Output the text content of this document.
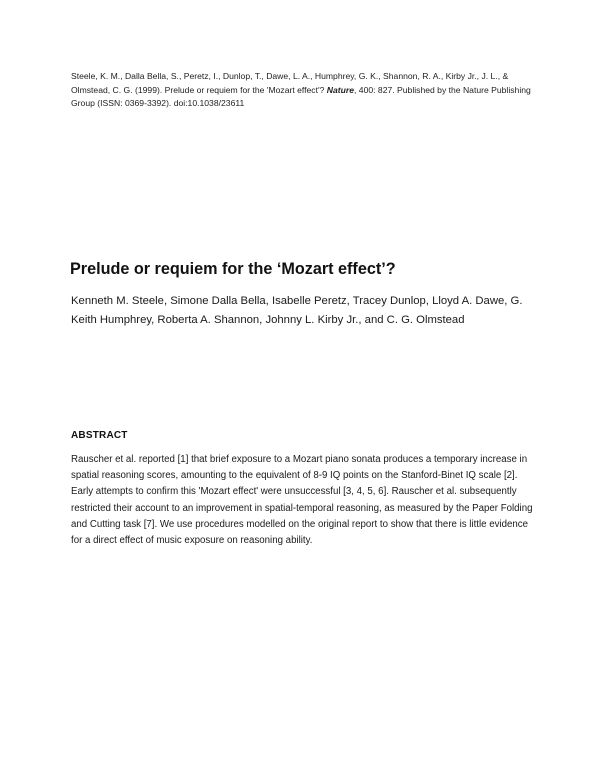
Steele, K. M., Dalla Bella, S., Peretz, I., Dunlop, T., Dawe, L. A., Humphrey, G. K., Shannon, R. A., Kirby Jr., J. L., & Olmstead, C. G. (1999). Prelude or requiem for the 'Mozart effect'? Nature, 400: 827. Published by the Nature Publishing Group (ISSN: 0369-3392). doi:10.1038/23611
Prelude or requiem for the ‘Mozart effect’?
Kenneth M. Steele, Simone Dalla Bella, Isabelle Peretz, Tracey Dunlop, Lloyd A. Dawe, G. Keith Humphrey, Roberta A. Shannon, Johnny L. Kirby Jr., and C. G. Olmstead
ABSTRACT

Rauscher et al. reported [1] that brief exposure to a Mozart piano sonata produces a temporary increase in spatial reasoning scores, amounting to the equivalent of 8-9 IQ points on the Stanford-Binet IQ scale [2]. Early attempts to confirm this 'Mozart effect' were unsuccessful [3, 4, 5, 6]. Rauscher et al. subsequently restricted their account to an improvement in spatial-temporal reasoning, as measured by the Paper Folding and Cutting task [7]. We use procedures modelled on the original report to show that there is little evidence for a direct effect of music exposure on reasoning ability.
